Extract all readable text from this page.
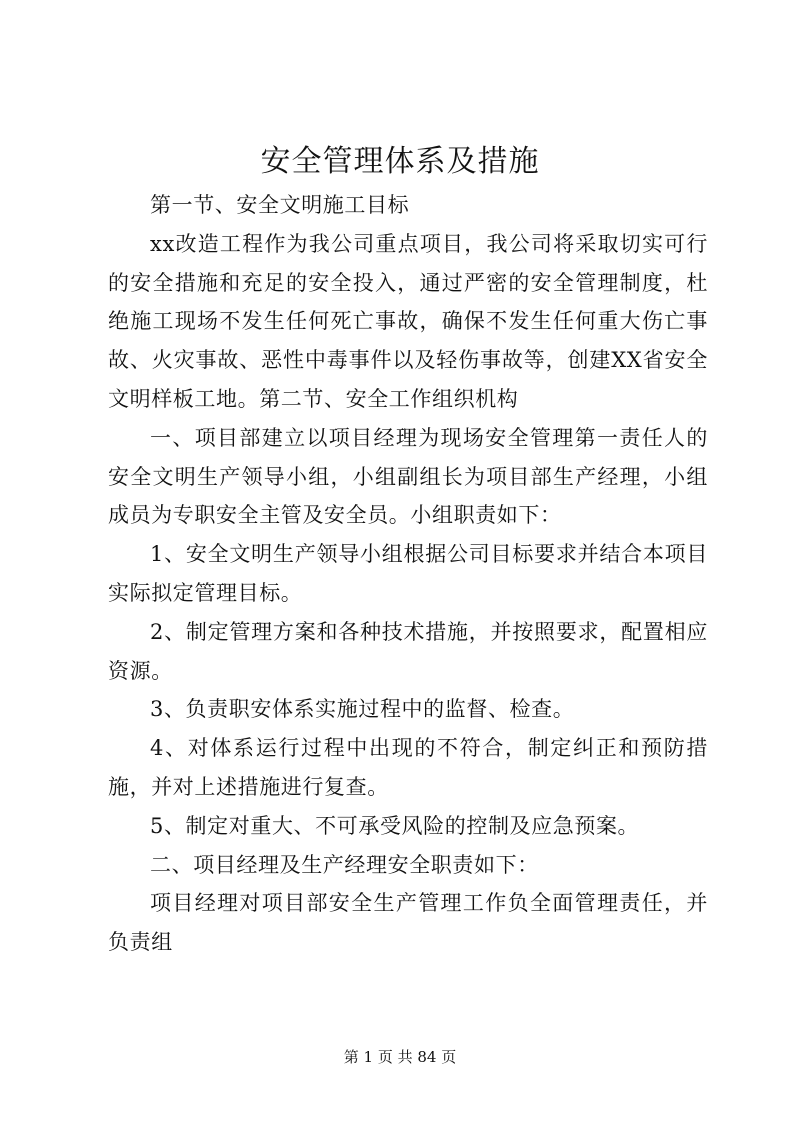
安全管理体系及措施

第一节、安全文明施工目标

xx改造工程作为我公司重点项目，我公司将采取切实可行的安全措施和充足的安全投入，通过严密的安全管理制度，杜绝施工现场不发生任何死亡事故，确保不发生任何重大伤亡事故、火灾事故、恶性中毒事件以及轻伤事故等，创建XX省安全文明样板工地。第二节、安全工作组织机构

一、项目部建立以项目经理为现场安全管理第一责任人的安全文明生产领导小组，小组副组长为项目部生产经理，小组成员为专职安全主管及安全员。小组职责如下：

1、安全文明生产领导小组根据公司目标要求并结合本项目实际拟定管理目标。

2、制定管理方案和各种技术措施，并按照要求，配置相应资源。

3、负责职安体系实施过程中的监督、检查。

4、对体系运行过程中出现的不符合，制定纠正和预防措施，并对上述措施进行复查。

5、制定对重大、不可承受风险的控制及应急预案。

二、项目经理及生产经理安全职责如下：

项目经理对项目部安全生产管理工作负全面管理责任，并负责组

第 1 页 共 84 页
